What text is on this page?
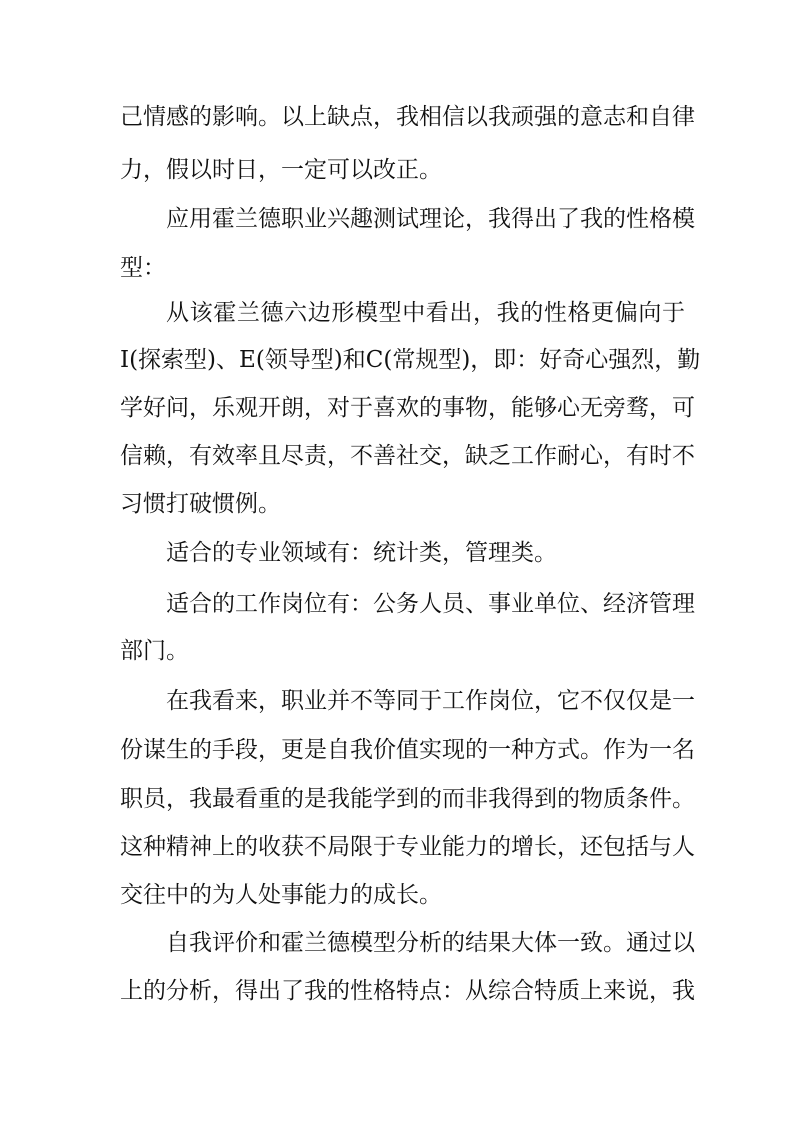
己情感的影响。以上缺点，我相信以我顽强的意志和自律
力，假以时日，一定可以改正。
应用霍兰德职业兴趣测试理论，我得出了我的性格模
型：
从该霍兰德六边形模型中看出，我的性格更偏向于
I(探索型)、E(领导型)和C(常规型)，即：好奇心强烈，勤
学好问，乐观开朗，对于喜欢的事物，能够心无旁骛，可
信赖，有效率且尽责，不善社交，缺乏工作耐心，有时不
习惯打破惯例。
适合的专业领域有：统计类，管理类。
适合的工作岗位有：公务人员、事业单位、经济管理
部门。
在我看来，职业并不等同于工作岗位，它不仅仅是一
份谋生的手段，更是自我价值实现的一种方式。作为一名
职员，我最看重的是我能学到的而非我得到的物质条件。
这种精神上的收获不局限于专业能力的增长，还包括与人
交往中的为人处事能力的成长。
自我评价和霍兰德模型分析的结果大体一致。通过以
上的分析，得出了我的性格特点：从综合特质上来说，我
